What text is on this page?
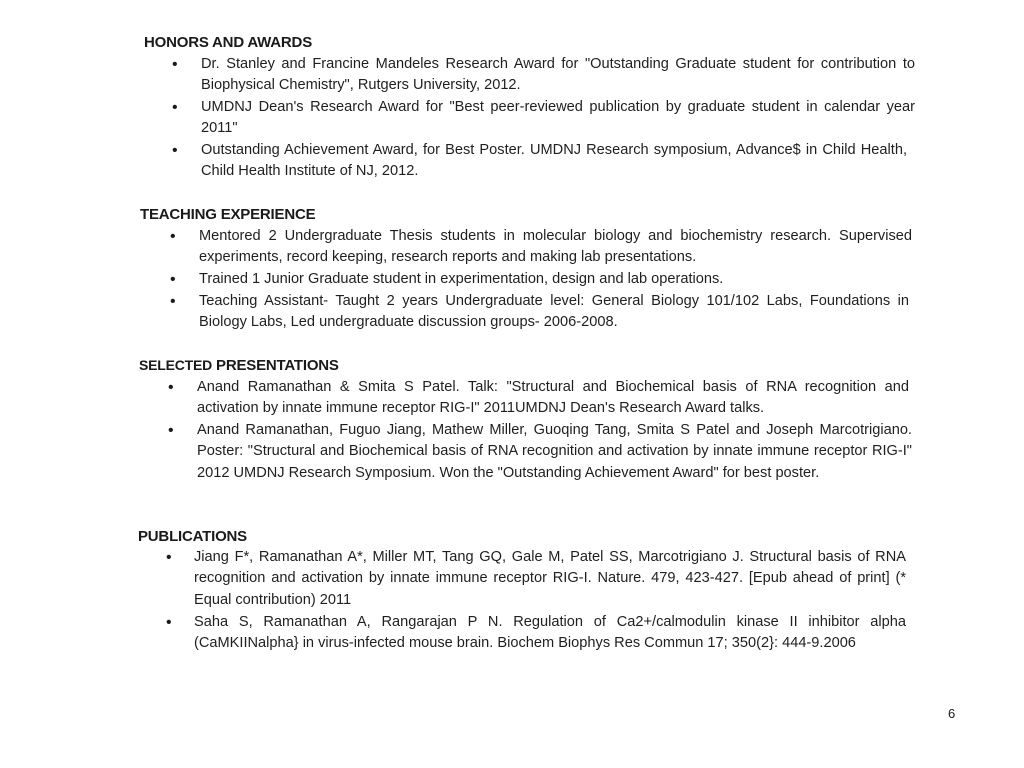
HONORS AND AWARDS
• Dr. Stanley and Francine Mandeles Research Award for "Outstanding Graduate student for contribution to Biophysical Chemistry", Rutgers University, 2012.
• UMDNJ Dean's Research Award for "Best peer-reviewed publication by graduate student in calendar year 2011"
• Outstanding Achievement Award, for Best Poster. UMDNJ Research symposium, Advance$ in Child Health, Child Health Institute of NJ, 2012.
TEACHING EXPERIENCE
• Mentored 2 Undergraduate Thesis students in molecular biology and biochemistry research. Supervised experiments, record keeping, research reports and making lab presentations.
• Trained 1 Junior Graduate student in experimentation, design and lab operations.
• Teaching Assistant- Taught 2 years Undergraduate level: General Biology 101/102 Labs, Foundations in Biology Labs, Led undergraduate discussion groups- 2006-2008.
SELECTED PRESENTATIONS
• Anand Ramanathan & Smita S Patel. Talk: "Structural and Biochemical basis of RNA recognition and activation by innate immune receptor RIG-I" 2011UMDNJ Dean's Research Award talks.
• Anand Ramanathan, Fuguo Jiang, Mathew Miller, Guoqing Tang, Smita S Patel and Joseph Marcotrigiano. Poster: "Structural and Biochemical basis of RNA recognition and activation by innate immune receptor RIG-I" 2012 UMDNJ Research Symposium. Won the "Outstanding Achievement Award" for best poster.
PUBLICATIONS
• Jiang F*, Ramanathan A*, Miller MT, Tang GQ, Gale M, Patel SS, Marcotrigiano J. Structural basis of RNA recognition and activation by innate immune receptor RIG-I. Nature. 479, 423-427. [Epub ahead of print] (* Equal contribution) 2011
• Saha S, Ramanathan A, Rangarajan P N. Regulation of Ca2+/calmodulin kinase II inhibitor alpha (CaMKIINalpha} in virus-infected mouse brain. Biochem Biophys Res Commun 17; 350(2}: 444-9.2006
6
